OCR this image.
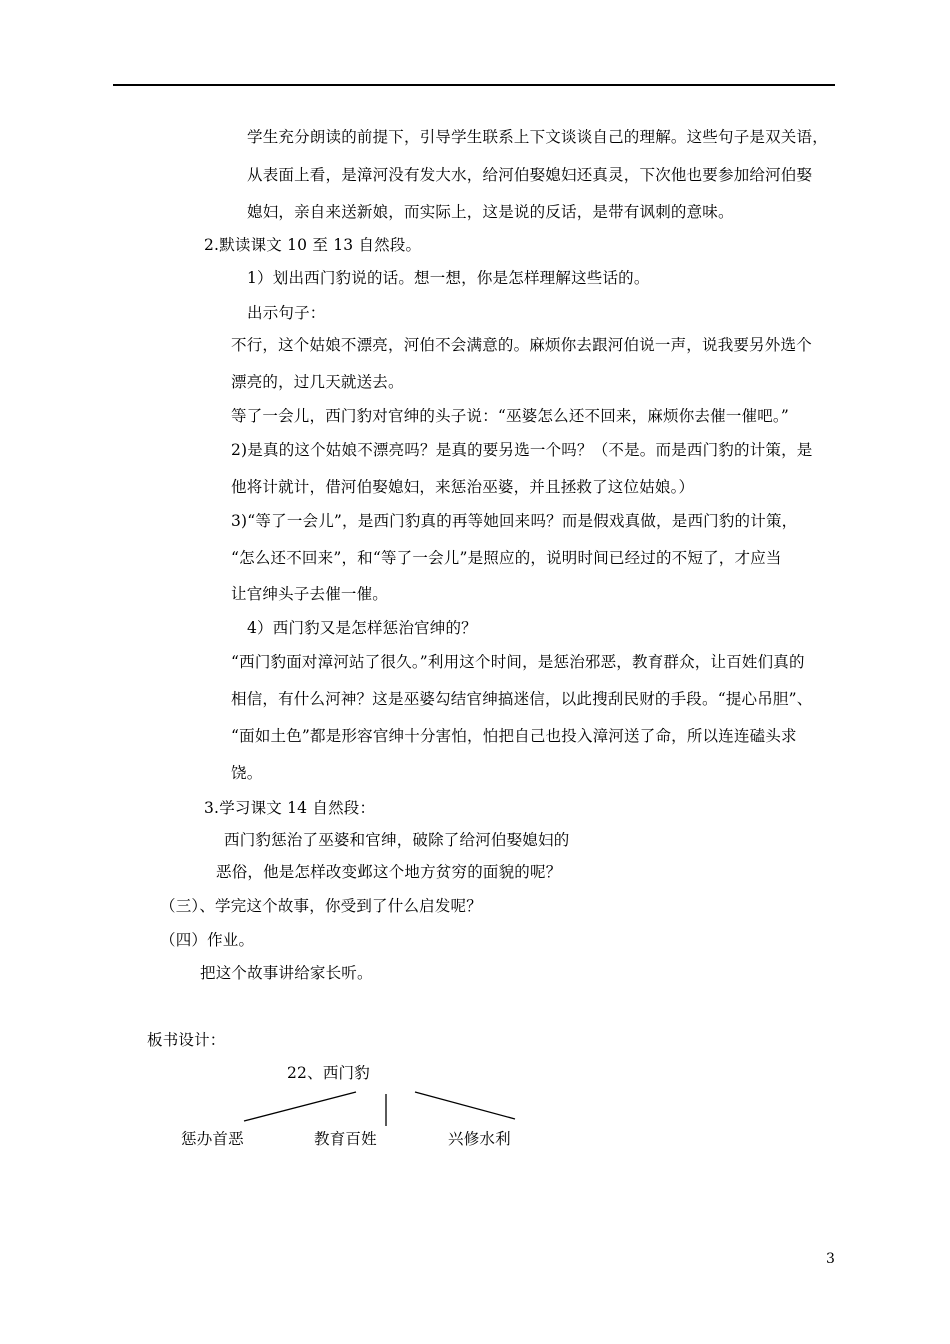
学生充分朗读的前提下，引导学生联系上下文谈谈自己的理解。这些句子是双关语，
从表面上看，是漳河没有发大水，给河伯娶媳妇还真灵，下次他也要参加给河伯娶
媳妇，亲自来送新娘，而实际上，这是说的反话，是带有讽刺的意味。
2.默读课文 10 至 13 自然段。
1）划出西门豹说的话。想一想，你是怎样理解这些话的。
出示句子：
不行，这个姑娘不漂亮，河伯不会满意的。麻烦你去跟河伯说一声，说我要另外选个
漂亮的，过几天就送去。
等了一会儿，西门豹对官绅的头子说：“巫婆怎么还不回来，麻烦你去催一催吧。”
2)是真的这个姑娘不漂亮吗？是真的要另选一个吗？（不是。而是西门豹的计策，是
他将计就计，借河伯娶媳妇，来惩治巫婆，并且拯救了这位姑娘。）
3)“等了一会儿”，是西门豹真的再等她回来吗？而是假戏真做，是西门豹的计策，
“怎么还不回来”，和“等了一会儿”是照应的，说明时间已经过的不短了，才应当
让官绅头子去催一催。
4）西门豹又是怎样惩治官绅的？
“西门豹面对漳河站了很久。”利用这个时间，是惩治邪恶，教育群众，让百姓们真的
相信，有什么河神？这是巫婆勾结官绅搞迷信，以此搜刮民财的手段。“提心吊胆”、
“面如土色”都是形容官绅十分害怕，怕把自己也投入漳河送了命，所以连连磕头求
饶。
3.学习课文 14 自然段：
西门豹惩治了巫婆和官绅，破除了给河伯娶媳妇的
恶俗，他是怎样改变邺这个地方贫穷的面貌的呢？
（三）、学完这个故事，你受到了什么启发呢？
（四）作业。
把这个故事讲给家长听。
板书设计：
22、西门豹
惩办首恶	教育百姓	兴修水利
3
